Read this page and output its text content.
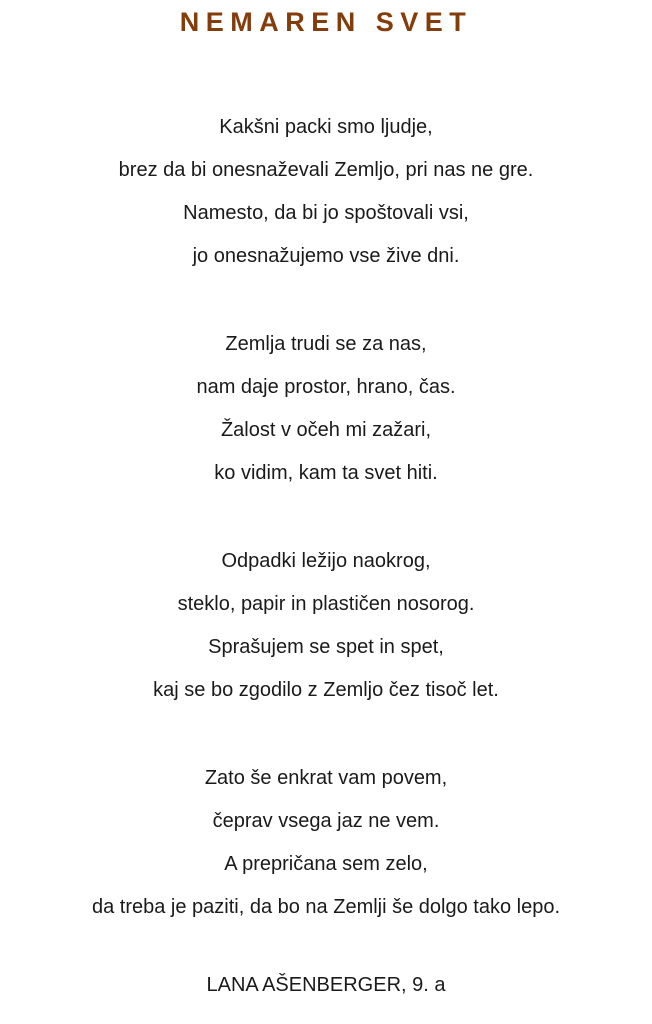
NEMAREN SVET
Kakšni packi smo ljudje,
brez da bi onesnaževali Zemljo, pri nas ne gre.
Namesto, da bi jo spoštovali vsi,
jo onesnažujemo vse žive dni.
Zemlja trudi se za nas,
nam daje prostor, hrano, čas.
Žalost v očeh mi zažari,
ko vidim, kam ta svet hiti.
Odpadki ležijo naokrog,
steklo, papir in plastičen nosorog.
Sprašujem se spet in spet,
kaj se bo zgodilo z Zemljo čez tisoč let.
Zato še enkrat vam povem,
čeprav vsega jaz ne vem.
A prepričana sem zelo,
da treba je paziti, da bo na Zemlji še dolgo tako lepo.

LANA AŠENBERGER, 9. a
